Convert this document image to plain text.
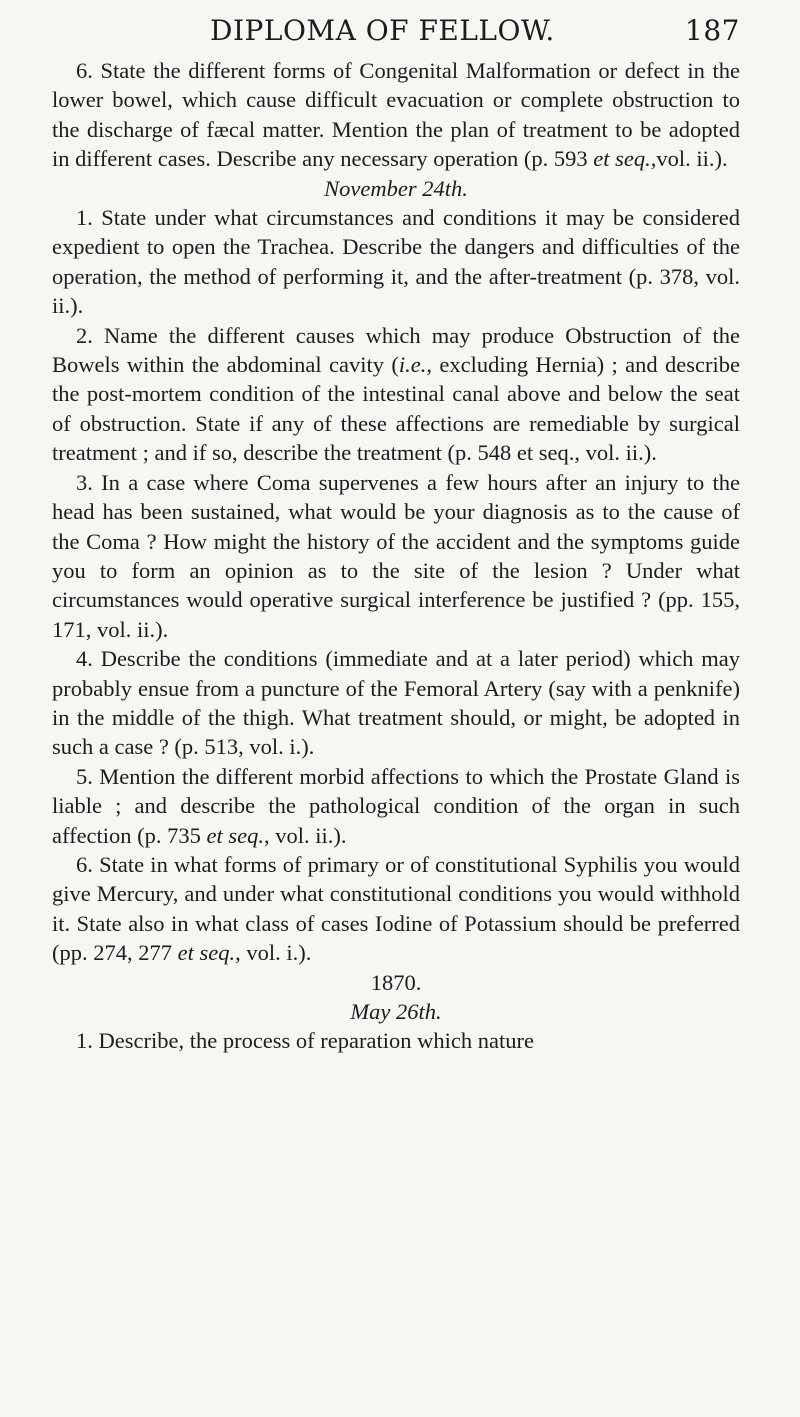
DIPLOMA OF FELLOW.	187

6. State the different forms of Congenital Malformation or defect in the lower bowel, which cause difficult evacuation or complete obstruction to the discharge of fæcal matter. Mention the plan of treatment to be adopted in different cases. Describe any necessary operation (p. 593 et seq.,vol. ii.).

November 24th.

1. State under what circumstances and conditions it may be considered expedient to open the Trachea. Describe the dangers and difficulties of the operation, the method of performing it, and the after-treatment (p. 378, vol. ii.).

2. Name the different causes which may produce Obstruction of the Bowels within the abdominal cavity (i.e., excluding Hernia) ; and describe the post-mortem condition of the intestinal canal above and below the seat of obstruction. State if any of these affections are remediable by surgical treatment ; and if so, describe the treatment (p. 548 et seq., vol. ii.).

3. In a case where Coma supervenes a few hours after an injury to the head has been sustained, what would be your diagnosis as to the cause of the Coma ? How might the history of the accident and the symptoms guide you to form an opinion as to the site of the lesion ? Under what circumstances would operative surgical interference be justified ? (pp. 155, 171, vol. ii.).

4. Describe the conditions (immediate and at a later period) which may probably ensue from a puncture of the Femoral Artery (say with a penknife) in the middle of the thigh. What treatment should, or might, be adopted in such a case ? (p. 513, vol. i.).

5. Mention the different morbid affections to which the Prostate Gland is liable ; and describe the pathological condition of the organ in such affection (p. 735 et seq., vol. ii.).

6. State in what forms of primary or of constitutional Syphilis you would give Mercury, and under what constitutional conditions you would withhold it. State also in what class of cases Iodine of Potassium should be preferred (pp. 274, 277 et seq., vol. i.).

1870.

May 26th.

1. Describe, the process of reparation which nature
